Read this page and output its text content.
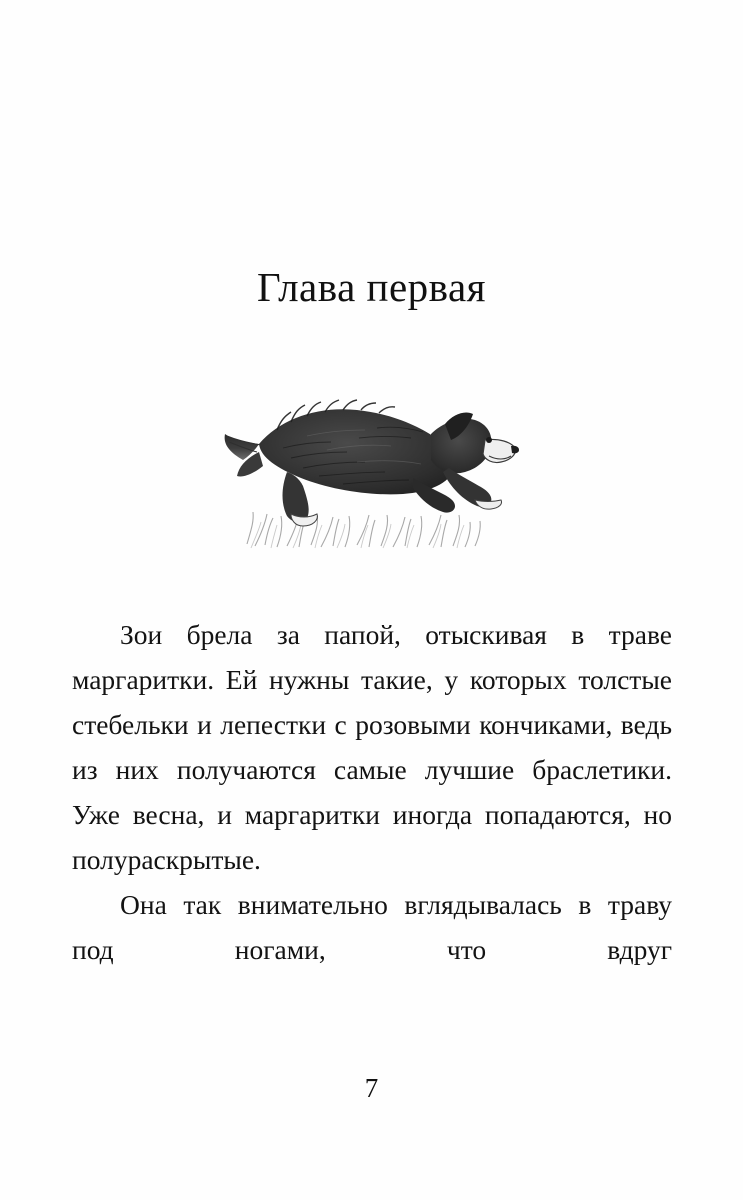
Глава первая

Зои брела за папой, отыскивая в траве маргаритки. Ей нужны такие, у которых толстые стебельки и лепестки с розовыми кончиками, ведь из них получаются самые лучшие браслетики. Уже весна, и маргаритки иногда попадаются, но полураскрытые.

Она так внимательно вглядывалась в траву под ногами, что вдруг

7
